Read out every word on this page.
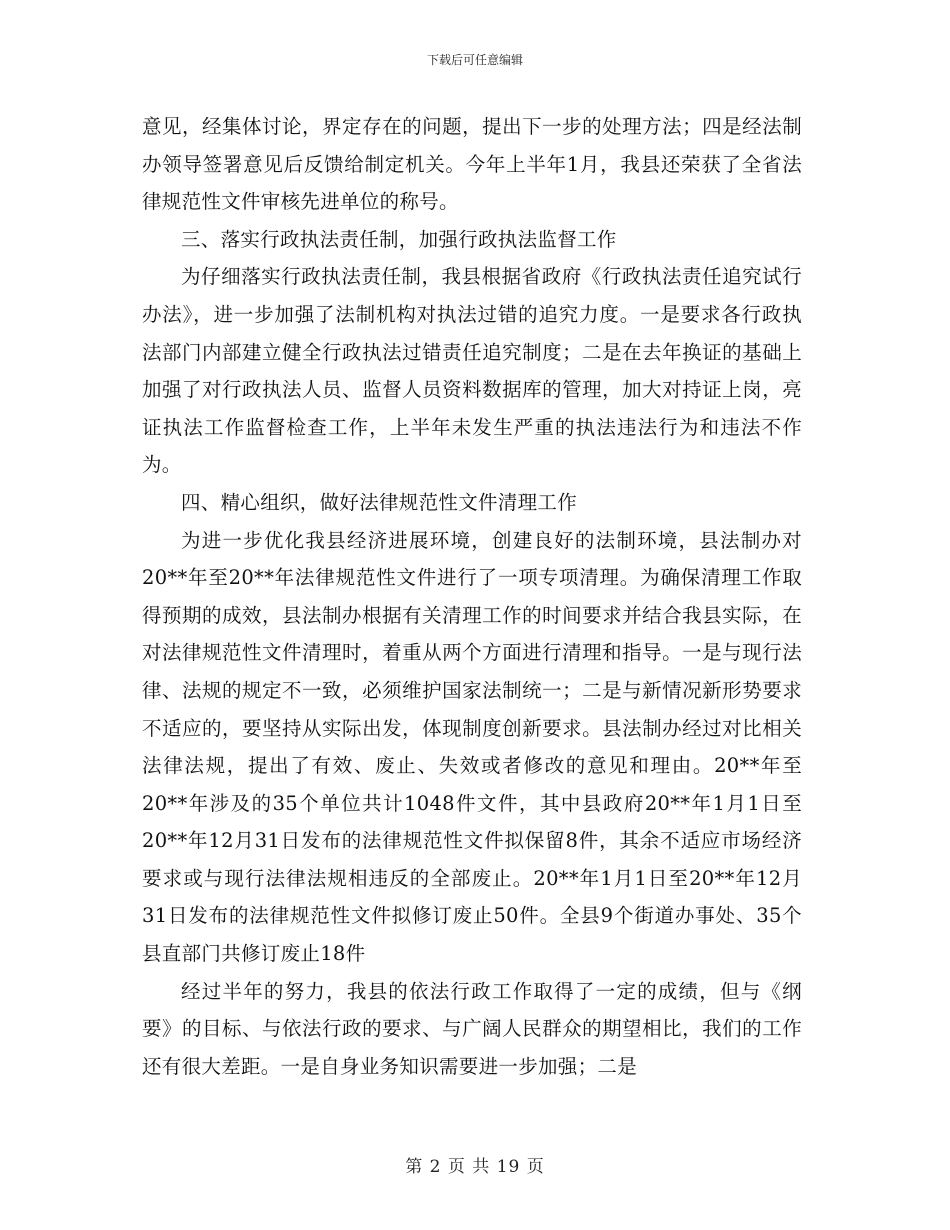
下载后可任意编辑

意见，经集体讨论，界定存在的问题，提出下一步的处理方法；四是经法制办领导签署意见后反馈给制定机关。今年上半年1月，我县还荣获了全省法律规范性文件审核先进单位的称号。

三、落实行政执法责任制，加强行政执法监督工作

为仔细落实行政执法责任制，我县根据省政府《行政执法责任追究试行办法》，进一步加强了法制机构对执法过错的追究力度。一是要求各行政执法部门内部建立健全行政执法过错责任追究制度；二是在去年换证的基础上加强了对行政执法人员、监督人员资料数据库的管理，加大对持证上岗，亮证执法工作监督检查工作，上半年未发生严重的执法违法行为和违法不作为。

四、精心组织，做好法律规范性文件清理工作

为进一步优化我县经济进展环境，创建良好的法制环境，县法制办对20**年至20**年法律规范性文件进行了一项专项清理。为确保清理工作取得预期的成效，县法制办根据有关清理工作的时间要求并结合我县实际，在对法律规范性文件清理时，着重从两个方面进行清理和指导。一是与现行法律、法规的规定不一致，必须维护国家法制统一；二是与新情况新形势要求不适应的，要坚持从实际出发，体现制度创新要求。县法制办经过对比相关法律法规，提出了有效、废止、失效或者修改的意见和理由。20**年至20**年涉及的35个单位共计1048件文件，其中县政府20**年1月1日至20**年12月31日发布的法律规范性文件拟保留8件，其余不适应市场经济要求或与现行法律法规相违反的全部废止。20**年1月1日至20**年12月31日发布的法律规范性文件拟修订废止50件。全县9个街道办事处、35个县直部门共修订废止18件

经过半年的努力，我县的依法行政工作取得了一定的成绩，但与《纲要》的目标、与依法行政的要求、与广阔人民群众的期望相比，我们的工作还有很大差距。一是自身业务知识需要进一步加强；二是

第 2 页 共 19 页
